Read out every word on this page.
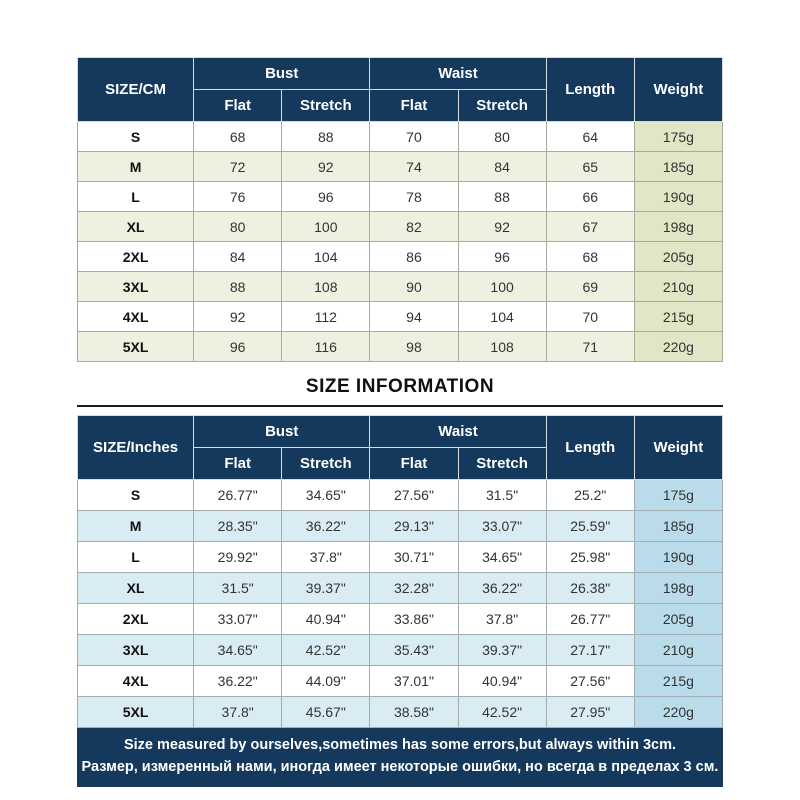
SIZE/CM	Bust		Waist		Length	Weight
	Flat	Stretch	Flat	Stretch		
S	68	88	70	80	64	175g
M	72	92	74	84	65	185g
L	76	96	78	88	66	190g
XL	80	100	82	92	67	198g
2XL	84	104	86	96	68	205g
3XL	88	108	90	100	69	210g
4XL	92	112	94	104	70	215g
5XL	96	116	98	108	71	220g
SIZE INFORMATION
SIZE/Inches	Bust		Waist		Length	Weight
	Flat	Stretch	Flat	Stretch		
S	26.77"	34.65"	27.56"	31.5"	25.2"	175g
M	28.35"	36.22"	29.13"	33.07"	25.59"	185g
L	29.92"	37.8"	30.71"	34.65"	25.98"	190g
XL	31.5"	39.37"	32.28"	36.22"	26.38"	198g
2XL	33.07"	40.94"	33.86"	37.8"	26.77"	205g
3XL	34.65"	42.52"	35.43"	39.37"	27.17"	210g
4XL	36.22"	44.09"	37.01"	40.94"	27.56"	215g
5XL	37.8"	45.67"	38.58"	42.52"	27.95"	220g
Size measured by ourselves,sometimes has some errors,but always within 3cm.
Размер, измеренный нами, иногда имеет некоторые ошибки, но всегда в пределах 3 см.
